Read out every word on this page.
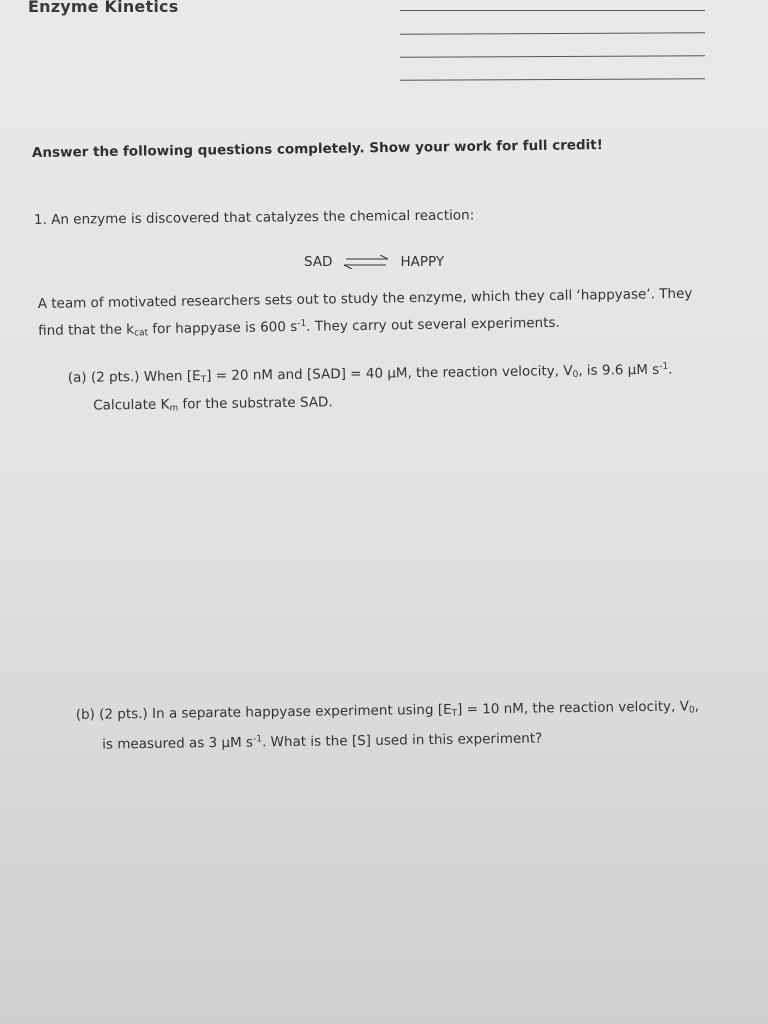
Enzyme Kinetics
Answer the following questions completely. Show your work for full credit!
1. An enzyme is discovered that catalyzes the chemical reaction:
SAD ⇌ HAPPY
A team of motivated researchers sets out to study the enzyme, which they call ‘happyase’. They
find that the $k_{cat}$ for happyase is 600 $s^{-1}$. They carry out several experiments.
(a) (2 pts.) When $[E_T] = 20$ nM and [SAD] = 40 µM, the reaction velocity, $V_0$, is 9.6 µM $s^{-1}$.
Calculate $K_m$ for the substrate SAD.
(b) (2 pts.) In a separate happyase experiment using $[E_T] = 10$ nM, the reaction velocity, $V_0$,
is measured as 3 µM $s^{-1}$. What is the [S] used in this experiment?
